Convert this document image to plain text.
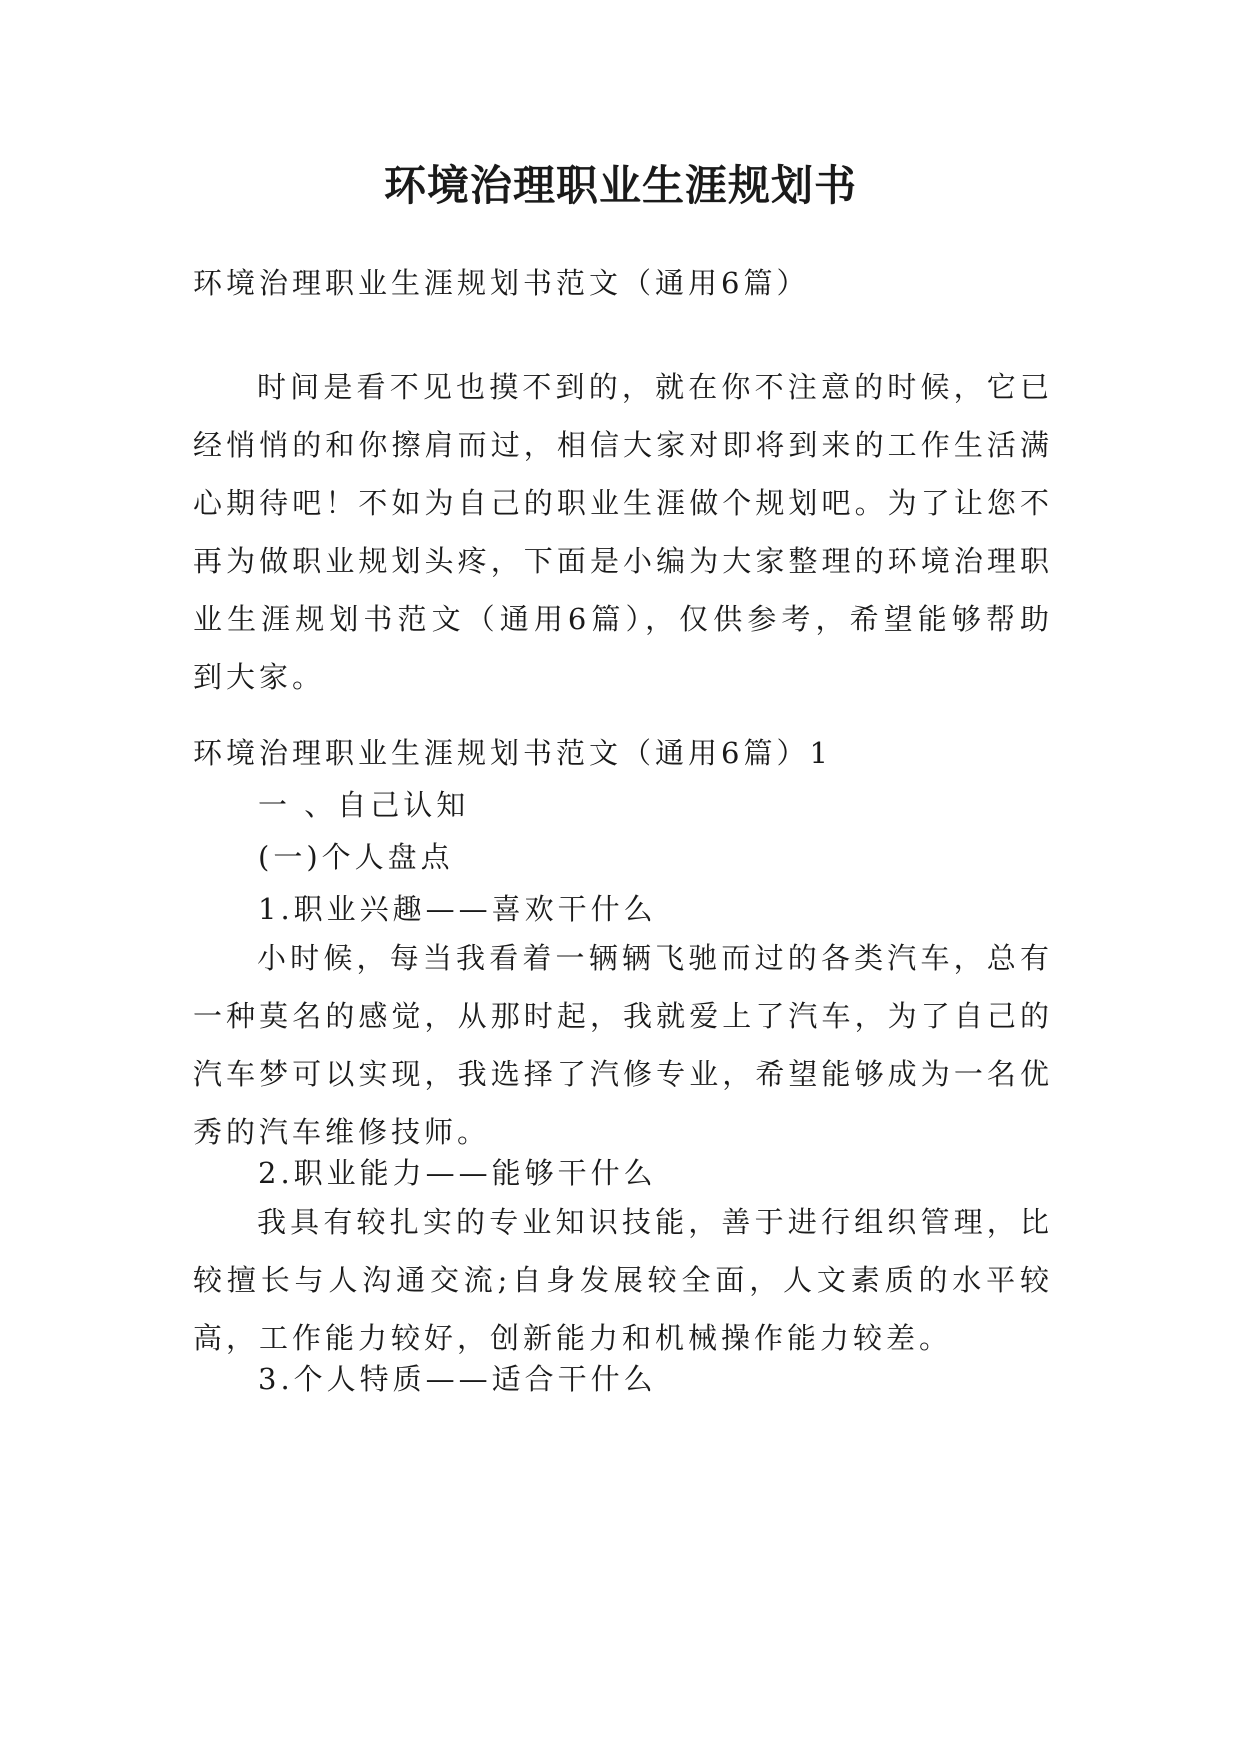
环境治理职业生涯规划书

环境治理职业生涯规划书范文（通用6篇）

时间是看不见也摸不到的，就在你不注意的时候，它已经悄悄的和你擦肩而过，相信大家对即将到来的工作生活满心期待吧！不如为自己的职业生涯做个规划吧。为了让您不再为做职业规划头疼，下面是小编为大家整理的环境治理职业生涯规划书范文（通用6篇），仅供参考，希望能够帮助到大家。

环境治理职业生涯规划书范文（通用6篇）1

一 、自己认知

(一)个人盘点

1.职业兴趣——喜欢干什么

小时候，每当我看着一辆辆飞驰而过的各类汽车，总有一种莫名的感觉，从那时起，我就爱上了汽车，为了自己的汽车梦可以实现，我选择了汽修专业，希望能够成为一名优秀的汽车维修技师。

2.职业能力——能够干什么

我具有较扎实的专业知识技能，善于进行组织管理，比较擅长与人沟通交流;自身发展较全面，人文素质的水平较高，工作能力较好，创新能力和机械操作能力较差。

3.个人特质——适合干什么
